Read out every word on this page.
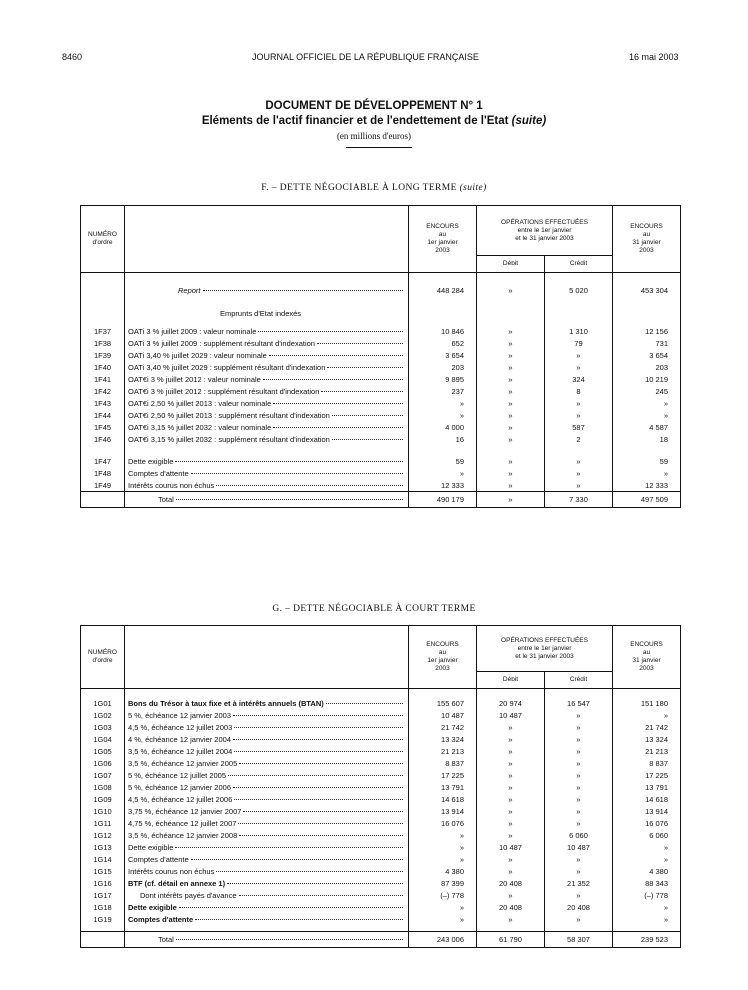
8460	JOURNAL OFFICIEL DE LA RÉPUBLIQUE FRANÇAISE	16 mai 2003
DOCUMENT DE DÉVELOPPEMENT N° 1
Eléments de l'actif financier et de l'endettement de l'Etat (suite)
(en millions d'euros)
F. – DETTE NÉGOCIABLE À LONG TERME (suite)
NUMÉRO
d'ordre		ENCOURS
au
1er janvier
2003	OPÉRATIONS EFFECTUÉES
entre le 1er janvier
et le 31 janvier 2003		ENCOURS
au
31 janvier
2003
			Débit	Crédit	

	Report	448 284	»	5 020	453 304
	Emprunts d'Etat indexés				
1F37	OATi 3 % juillet 2009 : valeur nominale	10 846	»	1 310	12 156
1F38	OATi 3 % juillet 2009 : supplément résultant d'indexation	652	»	79	731
1F39	OATi 3,40 % juillet 2029 : valeur nominale	3 654	»	»	3 654
1F40	OATi 3,40 % juillet 2029 : supplément résultant d'indexation	203	»	»	203
1F41	OAT€i 3 % juillet 2012 : valeur nominale	9 895	»	324	10 219
1F42	OAT€i 3 % juillet 2012 : supplément résultant d'indexation	237	»	8	245
1F43	OAT€i 2,50 % juillet 2013 : valeur nominale	»	»	»	»
1F44	OAT€i 2,50 % juillet 2013 : supplément résultant d'indexation	»	»	»	»
1F45	OAT€i 3,15 % juillet 2032 : valeur nominale	4 000	»	587	4 587
1F46	OAT€i 3,15 % juillet 2032 : supplément résultant d'indexation	16	»	2	18

1F47	Dette exigible	59	»	»	59
1F48	Comptes d'attente	»	»	»	»
1F49	Intérêts courus non échus	12 333	»	»	12 333

	Total	490 179	»	7 330	497 509
G. – DETTE NÉGOCIABLE À COURT TERME
NUMÉRO
d'ordre		ENCOURS
au
1er janvier
2003	OPÉRATIONS EFFECTUÉES
entre le 1er janvier
et le 31 janvier 2003		ENCOURS
au
31 janvier
2003
			Débit	Crédit	

1G01	Bons du Trésor à taux fixe et à intérêts annuels (BTAN)	155 607	20 974	16 547	151 180
1G02	5 %, échéance 12 janvier 2003	10 487	10 487	»	»
1G03	4,5 %, échéance 12 juillet 2003	21 742	»	»	21 742
1G04	4 %, échéance 12 janvier 2004	13 324	»	»	13 324
1G05	3,5 %, échéance 12 juillet 2004	21 213	»	»	21 213
1G06	3,5 %, échéance 12 janvier 2005	8 837	»	»	8 837
1G07	5 %, échéance 12 juillet 2005	17 225	»	»	17 225
1G08	5 %, échéance 12 janvier 2006	13 791	»	»	13 791
1G09	4,5 %, échéance 12 juillet 2006	14 618	»	»	14 618
1G10	3,75 %, échéance 12 janvier 2007	13 914	»	»	13 914
1G11	4,75 %, échéance 12 juillet 2007	16 076	»	»	16 076
1G12	3,5 %, échéance 12 janvier 2008	»	»	6 060	6 060
1G13	Dette exigible	»	10 487	10 487	»
1G14	Comptes d'attente	»	»	»	»
1G15	Intérêts courus non échus	4 380	»	»	4 380
1G16	BTF (cf. détail en annexe 1)	87 399	20 408	21 352	88 343
1G17	Dont intérêts payés d'avance	(–) 778	»	»	(–) 778
1G18	Dette exigible	»	20 408	20 408	»
1G19	Comptes d'attente	»	»	»	»

	Total	243 006	61 790	58 307	239 523
